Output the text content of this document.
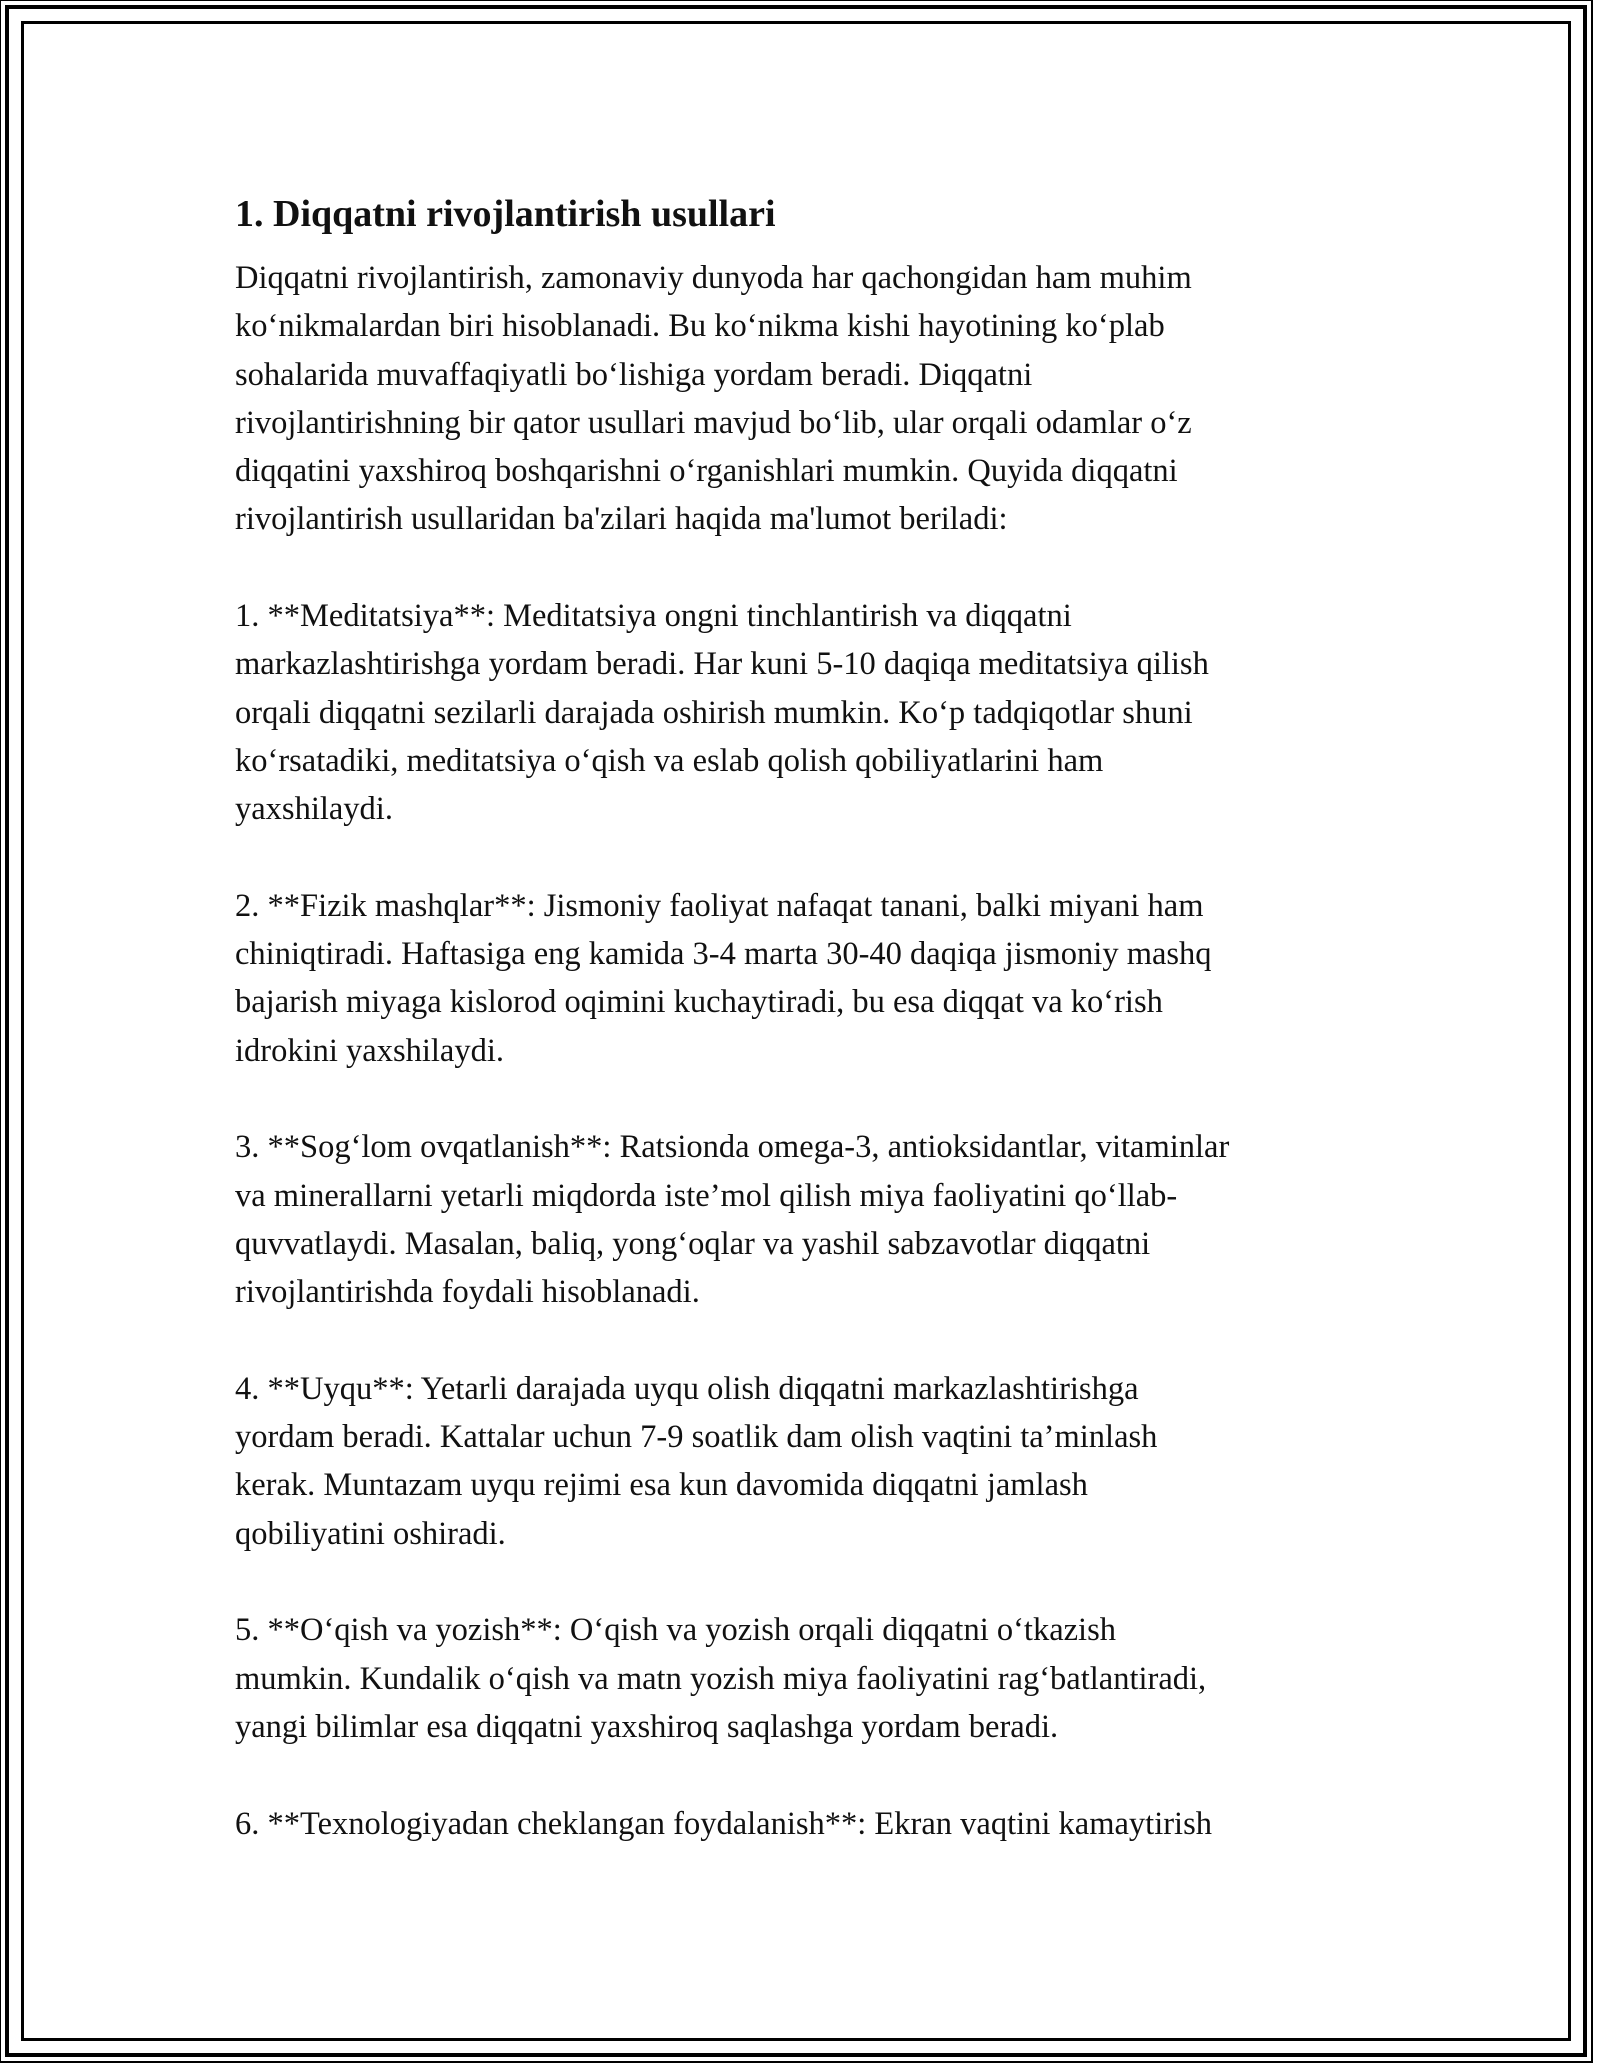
1. Diqqatni rivojlantirish usullari
Diqqatni rivojlantirish, zamonaviy dunyoda har qachongidan ham muhim
ko‘nikmalardan biri hisoblanadi. Bu ko‘nikma kishi hayotining ko‘plab
sohalarida muvaffaqiyatli bo‘lishiga yordam beradi. Diqqatni
rivojlantirishning bir qator usullari mavjud bo‘lib, ular orqali odamlar o‘z
diqqatini yaxshiroq boshqarishni o‘rganishlari mumkin. Quyida diqqatni
rivojlantirish usullaridan ba'zilari haqida ma'lumot beriladi:
1. **Meditatsiya**: Meditatsiya ongni tinchlantirish va diqqatni
markazlashtirishga yordam beradi. Har kuni 5-10 daqiqa meditatsiya qilish
orqali diqqatni sezilarli darajada oshirish mumkin. Ko‘p tadqiqotlar shuni
ko‘rsatadiki, meditatsiya o‘qish va eslab qolish qobiliyatlarini ham
yaxshilaydi.
2. **Fizik mashqlar**: Jismoniy faoliyat nafaqat tanani, balki miyani ham
chiniqtiradi. Haftasiga eng kamida 3-4 marta 30-40 daqiqa jismoniy mashq
bajarish miyaga kislorod oqimini kuchaytiradi, bu esa diqqat va ko‘rish
idrokini yaxshilaydi.
3. **Sog‘lom ovqatlanish**: Ratsionda omega-3, antioksidantlar, vitaminlar
va minerallarni yetarli miqdorda iste’mol qilish miya faoliyatini qo‘llab-
quvvatlaydi. Masalan, baliq, yong‘oqlar va yashil sabzavotlar diqqatni
rivojlantirishda foydali hisoblanadi.
4. **Uyqu**: Yetarli darajada uyqu olish diqqatni markazlashtirishga
yordam beradi. Kattalar uchun 7-9 soatlik dam olish vaqtini ta’minlash
kerak. Muntazam uyqu rejimi esa kun davomida diqqatni jamlash
qobiliyatini oshiradi.
5. **O‘qish va yozish**: O‘qish va yozish orqali diqqatni o‘tkazish
mumkin. Kundalik o‘qish va matn yozish miya faoliyatini rag‘batlantiradi,
yangi bilimlar esa diqqatni yaxshiroq saqlashga yordam beradi.
6. **Texnologiyadan cheklangan foydalanish**: Ekran vaqtini kamaytirish
